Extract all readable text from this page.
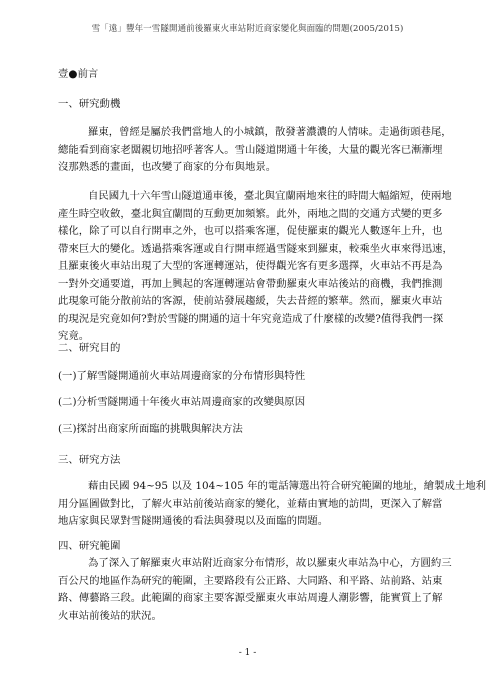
雪「遠」豐年一雪隧開通前後羅東火車站附近商家變化與面臨的問題(2005/2015)
壹●前言
一、研究動機
羅東，曾經是屬於我們當地人的小城鎮，散發著濃濃的人情味。走過街頭巷尾，
總能看到商家老闆親切地招呼著客人。雪山隧道開通十年後，大量的觀光客已漸漸埋
沒那熟悉的畫面，也改變了商家的分布與地景。
自民國九十六年雪山隧道通車後，臺北與宜蘭兩地來往的時間大幅縮短，使兩地
產生時空收斂，臺北與宜蘭間的互動更加頻繁。此外，兩地之間的交通方式變的更多
樣化，除了可以自行開車之外，也可以搭乘客運，促使羅東的觀光人數逐年上升，也
帶來巨大的變化。透過搭乘客運或自行開車經過雪隧來到羅東，較乘坐火車來得迅速，
且羅東後火車站出現了大型的客運轉運站，使得觀光客有更多選擇，火車站不再是為
一對外交通要道，再加上興起的客運轉運站會帶動羅東火車站後站的商機，我們推測
此現象可能分散前站的客源，使前站發展趨緩，失去昔經的繁華。然而，羅東火車站
的現況是究竟如何?對於雪隧的開通的這十年究竟造成了什麼樣的改變?值得我們一探
究竟。
二、研究目的
(一)了解雪隧開通前火車站周邊商家的分布情形與特性
(二)分析雪隧開通十年後火車站周邊商家的改變與原因
(三)探討出商家所面臨的挑戰與解決方法
三、研究方法
藉由民國 94~95 以及 104~105 年的電話簿選出符合研究範圍的地址，繪製成土地利
用分區圖做對比，了解火車站前後站商家的變化，並藉由實地的訪問，更深入了解當
地店家與民眾對雪隧開通後的看法與發現以及面臨的問題。
四、研究範圍
為了深入了解羅東火車站附近商家分布情形，故以羅東火車站為中心，方圓約三
百公尺的地區作為研究的範圍，主要路段有公正路、大同路、和平路、站前路、站東
路、傳藝路三段。此範圍的商家主要客源受羅東火車站周邊人潮影響，能實質上了解
火車站前後站的狀況。
- 1 -
